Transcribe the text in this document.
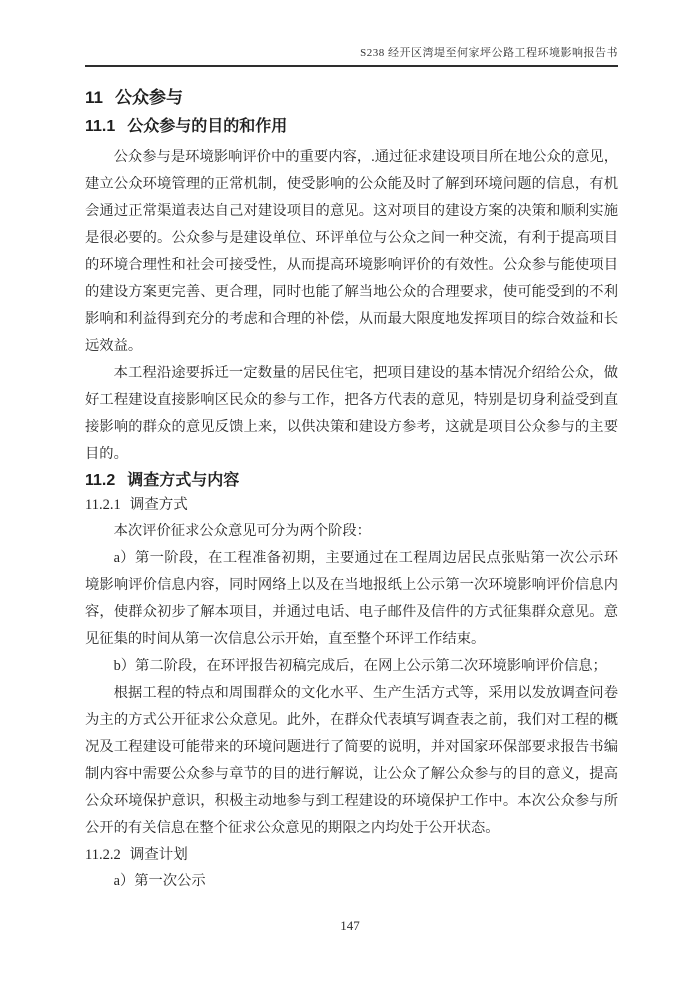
S238 经开区湾堤至何家坪公路工程环境影响报告书
11 公众参与
11.1 公众参与的目的和作用

公众参与是环境影响评价中的重要内容，.通过征求建设项目所在地公众的意见，建立公众环境管理的正常机制，使受影响的公众能及时了解到环境问题的信息，有机会通过正常渠道表达自己对建设项目的意见。这对项目的建设方案的决策和顺利实施是很必要的。公众参与是建设单位、环评单位与公众之间一种交流，有利于提高项目的环境合理性和社会可接受性，从而提高环境影响评价的有效性。公众参与能使项目的建设方案更完善、更合理，同时也能了解当地公众的合理要求，使可能受到的不利影响和利益得到充分的考虑和合理的补偿，从而最大限度地发挥项目的综合效益和长远效益。

本工程沿途要拆迁一定数量的居民住宅，把项目建设的基本情况介绍给公众，做好工程建设直接影响区民众的参与工作，把各方代表的意见，特别是切身利益受到直接影响的群众的意见反馈上来，以供决策和建设方参考，这就是项目公众参与的主要目的。

11.2 调查方式与内容
11.2.1 调查方式

本次评价征求公众意见可分为两个阶段：

a）第一阶段，在工程准备初期，主要通过在工程周边居民点张贴第一次公示环境影响评价信息内容，同时网络上以及在当地报纸上公示第一次环境影响评价信息内容，使群众初步了解本项目，并通过电话、电子邮件及信件的方式征集群众意见。意见征集的时间从第一次信息公示开始，直至整个环评工作结束。

b）第二阶段，在环评报告初稿完成后，在网上公示第二次环境影响评价信息；

根据工程的特点和周围群众的文化水平、生产生活方式等，采用以发放调查问卷为主的方式公开征求公众意见。此外，在群众代表填写调查表之前，我们对工程的概况及工程建设可能带来的环境问题进行了简要的说明，并对国家环保部要求报告书编制内容中需要公众参与章节的目的进行解说，让公众了解公众参与的目的意义，提高公众环境保护意识，积极主动地参与到工程建设的环境保护工作中。本次公众参与所公开的有关信息在整个征求公众意见的期限之内均处于公开状态。

11.2.2 调查计划

a）第一次公示

147
